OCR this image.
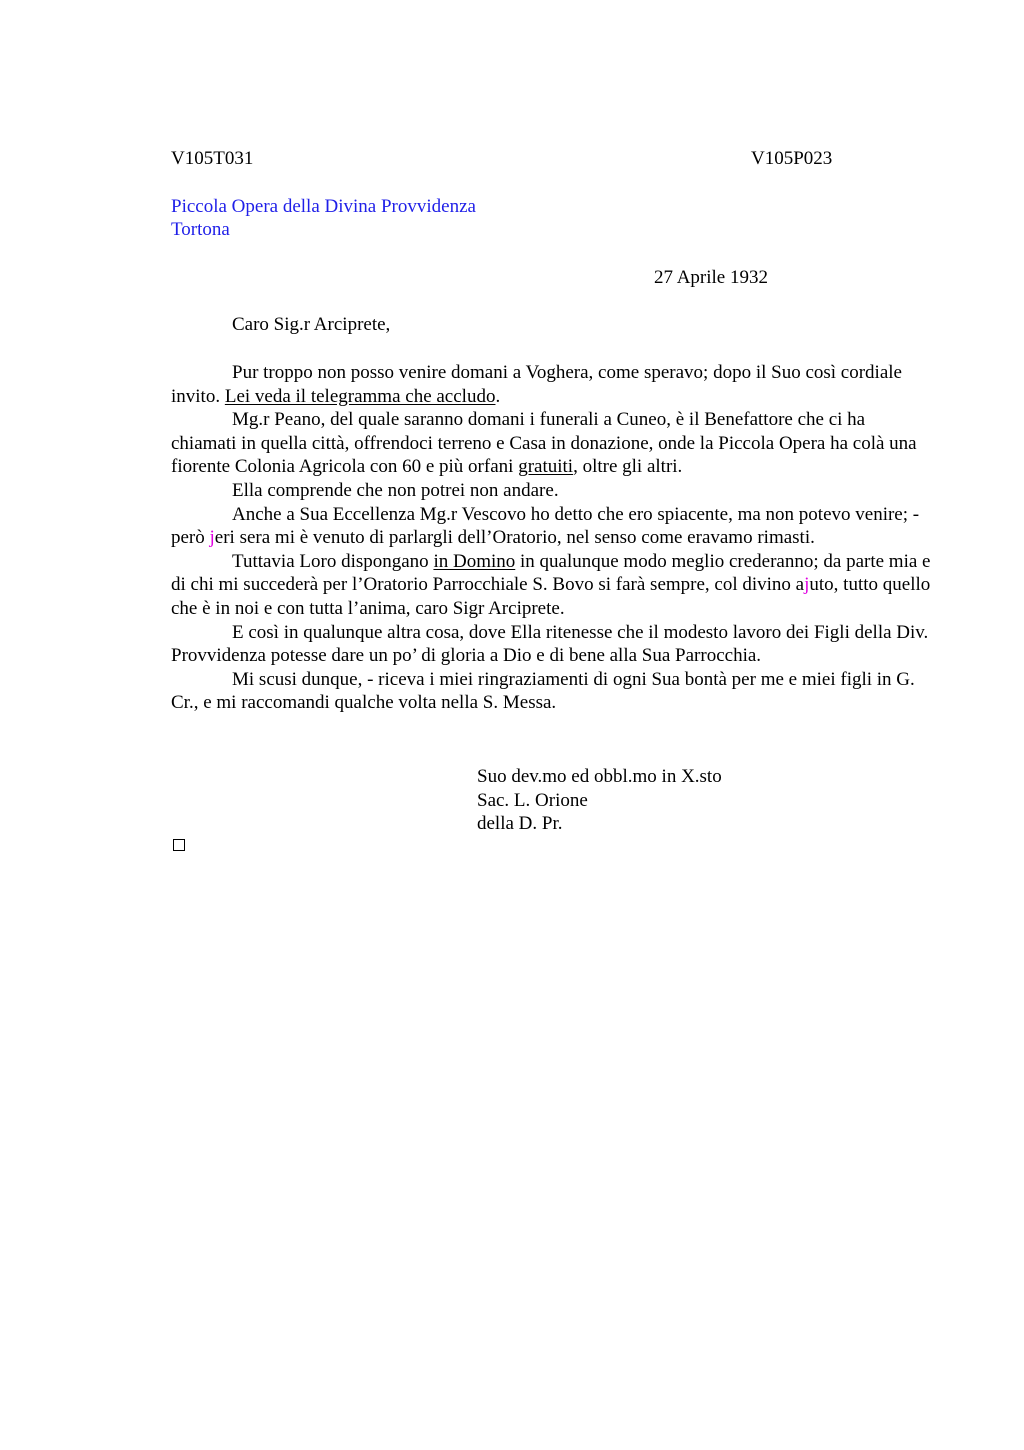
V105T031	V105P023
Piccola Opera della Divina Provvidenza
Tortona
27 Aprile 1932
Caro Sig.r Arciprete,

Pur troppo non posso venire domani a Voghera, come speravo; dopo il Suo così cordiale invito. Lei veda il telegramma che accludo.

Mg.r Peano, del quale saranno domani i funerali a Cuneo, è il Benefattore che ci ha chiamati in quella città, offrendoci terreno e Casa in donazione, onde la Piccola Opera ha colà una fiorente Colonia Agricola con 60 e più orfani gratuiti, oltre gli altri.

Ella comprende che non potrei non andare.

Anche a Sua Eccellenza Mg.r Vescovo ho detto che ero spiacente, ma non potevo venire; - però jeri sera mi è venuto di parlargli dell’Oratorio, nel senso come eravamo rimasti.

Tuttavia Loro dispongano in Domino in qualunque modo meglio crederanno; da parte mia e di chi mi succederà per l’Oratorio Parrocchiale S. Bovo si farà sempre, col divino ajuto, tutto quello che è in noi e con tutta l’anima, caro Sigr Arciprete.

E così in qualunque altra cosa, dove Ella ritenesse che il modesto lavoro dei Figli della Div. Provvidenza potesse dare un po’ di gloria a Dio e di bene alla Sua Parrocchia.

Mi scusi dunque, - riceva i miei ringraziamenti di ogni Sua bontà per me e miei figli in G. Cr., e mi raccomandi qualche volta nella S. Messa.

Suo dev.mo ed obbl.mo in X.sto
Sac. L. Orione
della D. Pr.
